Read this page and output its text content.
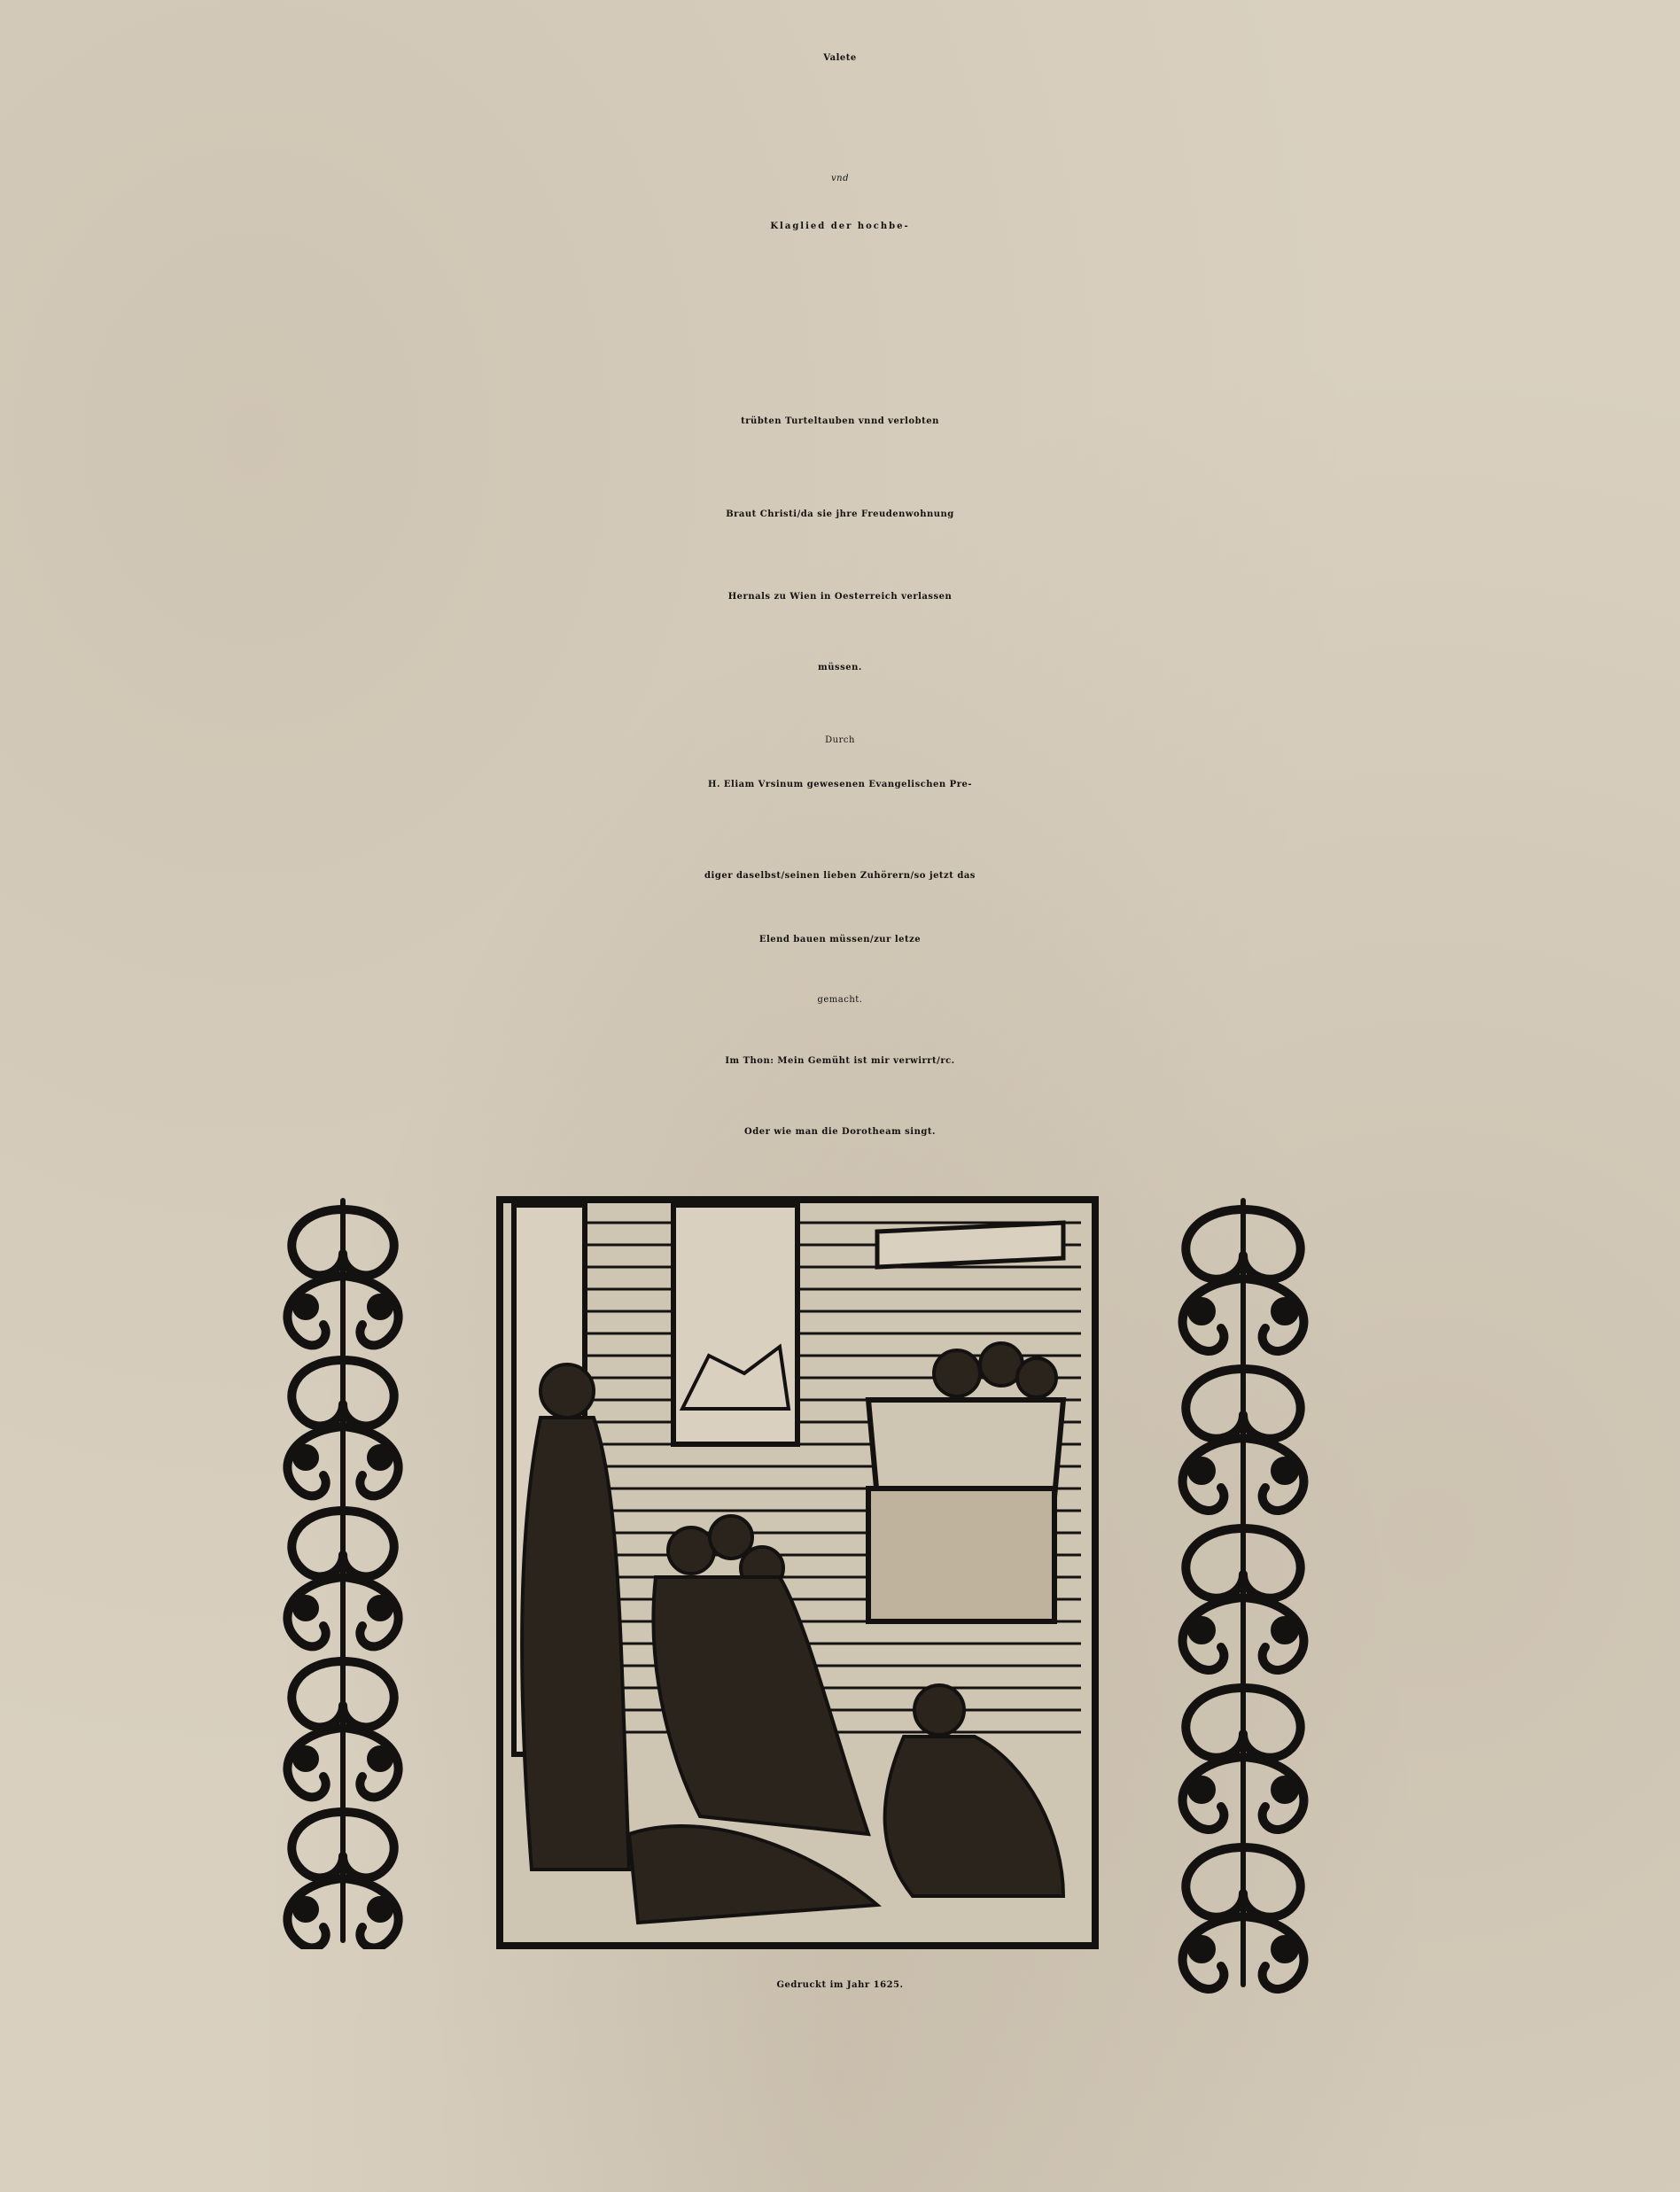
Valete
vnd
Klaglied der hochbe-
trübten Turteltauben vnnd verlobten
Braut Christi/da sie jhre Freudenwohnung
Hernals zu Wien in Oesterreich verlassen
müssen.
Durch
H. Eliam Vrsinum gewesenen Evangelischen Pre-
diger daselbst/seinen lieben Zuhörern/so jetzt das
Elend bauen müssen/zur letze
gemacht.
Im Thon: Mein Gemüht ist mir verwirrt/rc.
Oder wie man die Dorotheam singt.
Gedruckt im Jahr 1625.
